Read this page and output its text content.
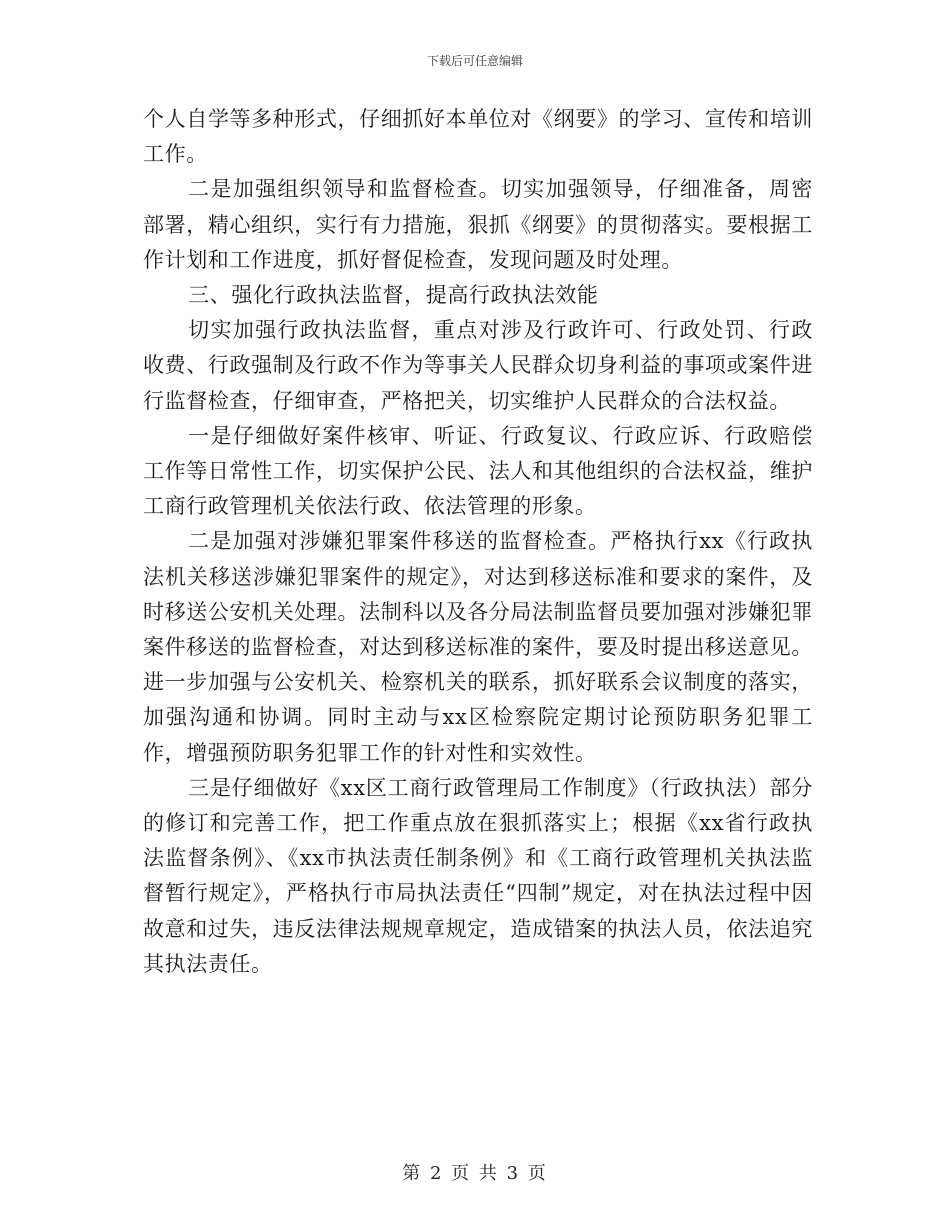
下载后可任意编辑

个人自学等多种形式，仔细抓好本单位对《纲要》的学习、宣传和培训工作。

二是加强组织领导和监督检查。切实加强领导，仔细准备，周密部署，精心组织，实行有力措施，狠抓《纲要》的贯彻落实。要根据工作计划和工作进度，抓好督促检查，发现问题及时处理。

三、强化行政执法监督，提高行政执法效能

切实加强行政执法监督，重点对涉及行政许可、行政处罚、行政收费、行政强制及行政不作为等事关人民群众切身利益的事项或案件进行监督检查，仔细审查，严格把关，切实维护人民群众的合法权益。

一是仔细做好案件核审、听证、行政复议、行政应诉、行政赔偿工作等日常性工作，切实保护公民、法人和其他组织的合法权益，维护工商行政管理机关依法行政、依法管理的形象。

二是加强对涉嫌犯罪案件移送的监督检查。严格执行xx《行政执法机关移送涉嫌犯罪案件的规定》，对达到移送标准和要求的案件，及时移送公安机关处理。法制科以及各分局法制监督员要加强对涉嫌犯罪案件移送的监督检查，对达到移送标准的案件，要及时提出移送意见。进一步加强与公安机关、检察机关的联系，抓好联系会议制度的落实，加强沟通和协调。同时主动与xx区检察院定期讨论预防职务犯罪工作，增强预防职务犯罪工作的针对性和实效性。

三是仔细做好《xx区工商行政管理局工作制度》（行政执法）部分的修订和完善工作，把工作重点放在狠抓落实上；根据《xx省行政执法监督条例》、《xx市执法责任制条例》和《工商行政管理机关执法监督暂行规定》，严格执行市局执法责任“四制”规定，对在执法过程中因故意和过失，违反法律法规规章规定，造成错案的执法人员，依法追究其执法责任。

第 2 页 共 3 页
